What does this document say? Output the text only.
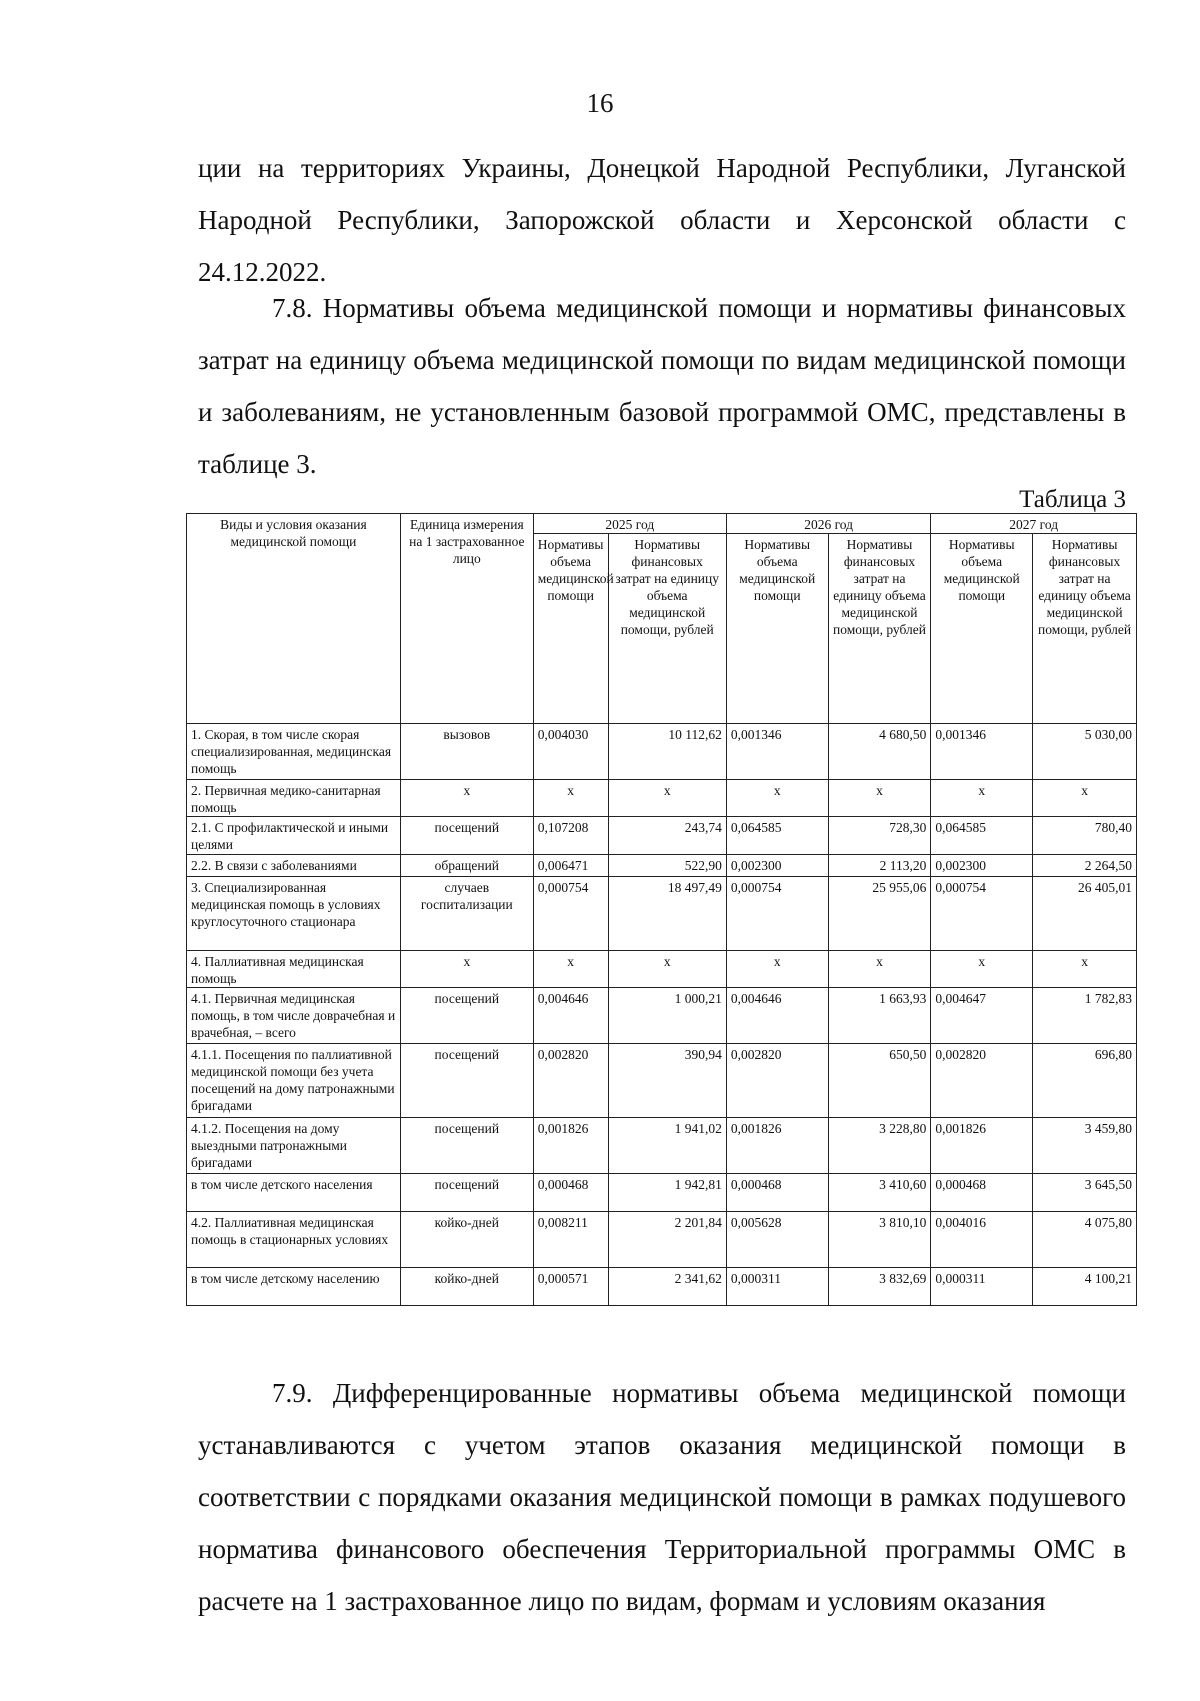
16
ции на территориях Украины, Донецкой Народной Республики, Луганской Народной Республики, Запорожской области и Херсонской области с 24.12.2022.
7.8. Нормативы объема медицинской помощи и нормативы финансовых затрат на единицу объема медицинской помощи по видам медицинской помощи и заболеваниям, не установленным базовой программой ОМС, представлены в таблице 3.
Таблица 3
Виды и условия оказания медицинской помощи	Единица измерения на 1 застрахованное лицо	2025 год		2026 год		2027 год	
		Нормативы объема медицинской помощи	Нормативы финансовых затрат на единицу объема медицинской помощи, рублей	Нормативы объема медицинской помощи	Нормативы финансовых затрат на единицу объема медицинской помощи, рублей	Нормативы объема медицинской помощи	Нормативы финансовых затрат на единицу объема медицинской помощи, рублей
1. Скорая, в том числе скорая специализированная, медицинская помощь	вызовов	0,004030	10 112,62	0,001346	4 680,50	0,001346	5 030,00
2. Первичная медико-санитарная помощь	х	х	х	х	х	х	х
2.1. С профилактической и иными целями	посещений	0,107208	243,74	0,064585	728,30	0,064585	780,40
2.2. В связи с заболеваниями	обращений	0,006471	522,90	0,002300	2 113,20	0,002300	2 264,50
3. Специализированная медицинская помощь в условиях круглосуточного стационара	случаев госпитализации	0,000754	18 497,49	0,000754	25 955,06	0,000754	26 405,01
4. Паллиативная медицинская помощь	х	х	х	х	х	х	х
4.1. Первичная медицинская помощь, в том числе доврачебная и врачебная, – всего	посещений	0,004646	1 000,21	0,004646	1 663,93	0,004647	1 782,83
4.1.1. Посещения по паллиативной медицинской помощи без учета посещений на дому патронажными бригадами	посещений	0,002820	390,94	0,002820	650,50	0,002820	696,80
4.1.2. Посещения на дому выездными патронажными бригадами	посещений	0,001826	1 941,02	0,001826	3 228,80	0,001826	3 459,80
в том числе детского населения	посещений	0,000468	1 942,81	0,000468	3 410,60	0,000468	3 645,50
4.2. Паллиативная медицинская помощь в стационарных условиях	койко-дней	0,008211	2 201,84	0,005628	3 810,10	0,004016	4 075,80
в том числе детскому населению	койко-дней	0,000571	2 341,62	0,000311	3 832,69	0,000311	4 100,21
7.9. Дифференцированные нормативы объема медицинской помощи устанавливаются с учетом этапов оказания медицинской помощи в соответствии с порядками оказания медицинской помощи в рамках подушевого норматива финансового обеспечения Территориальной программы ОМС в расчете на 1 застрахованное лицо по видам, формам и условиям оказания
